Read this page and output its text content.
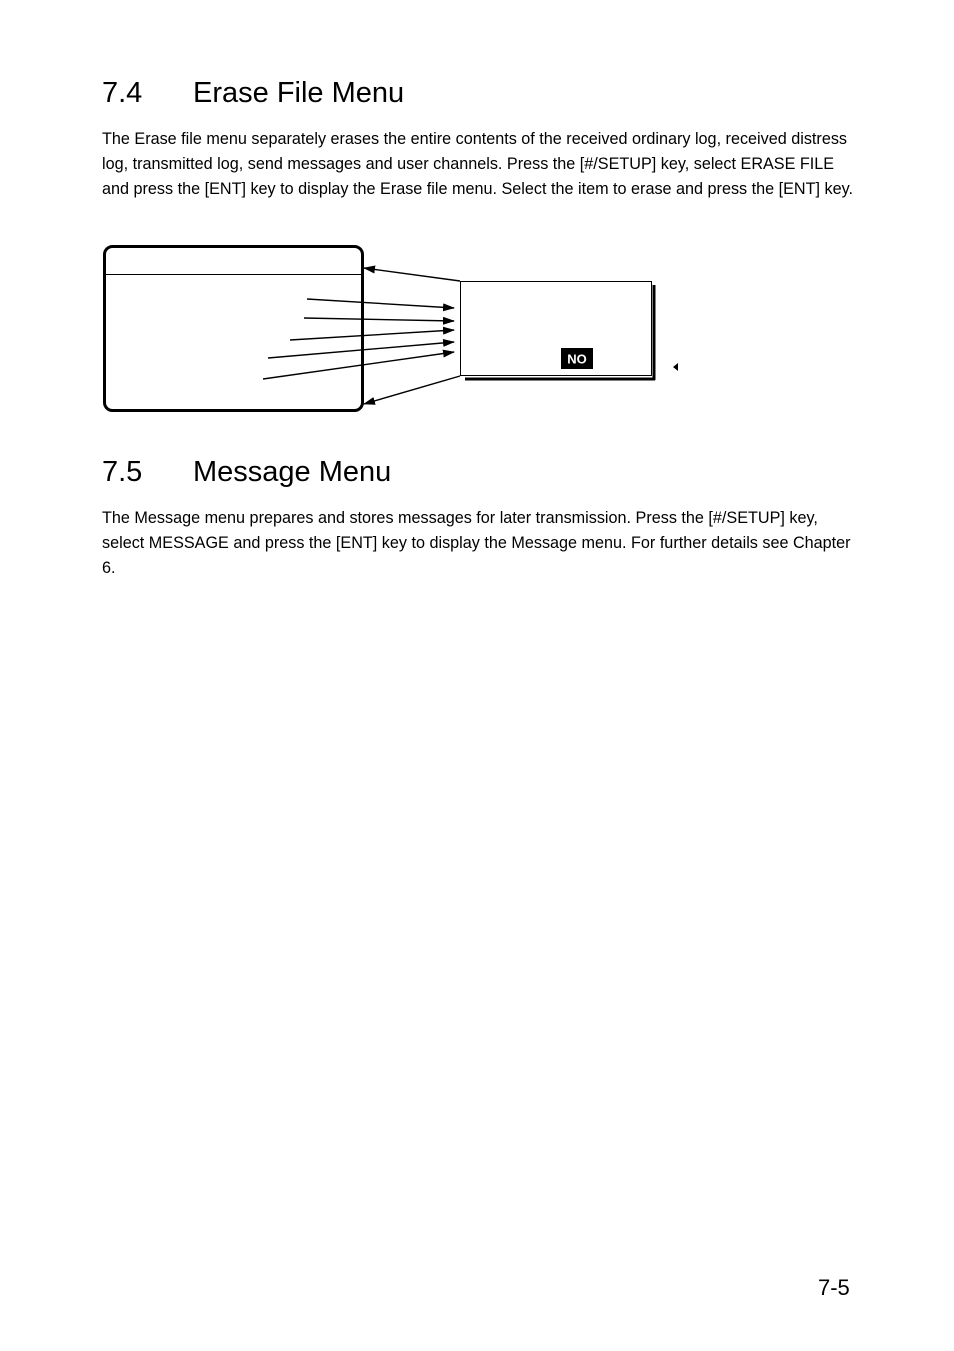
7.4 Erase File Menu

The Erase file menu separately erases the entire contents of the received ordinary log, received distress log, transmitted log, send messages and user channels. Press the [#/SETUP] key, select ERASE FILE and press the [ENT] key to display the Erase file menu. Select the item to erase and press the [ENT] key.

NO
7.5 Message Menu

The Message menu prepares and stores messages for later transmission. Press the [#/SETUP] key, select MESSAGE and press the [ENT] key to display the Message menu. For further details see Chapter 6.

7-5
